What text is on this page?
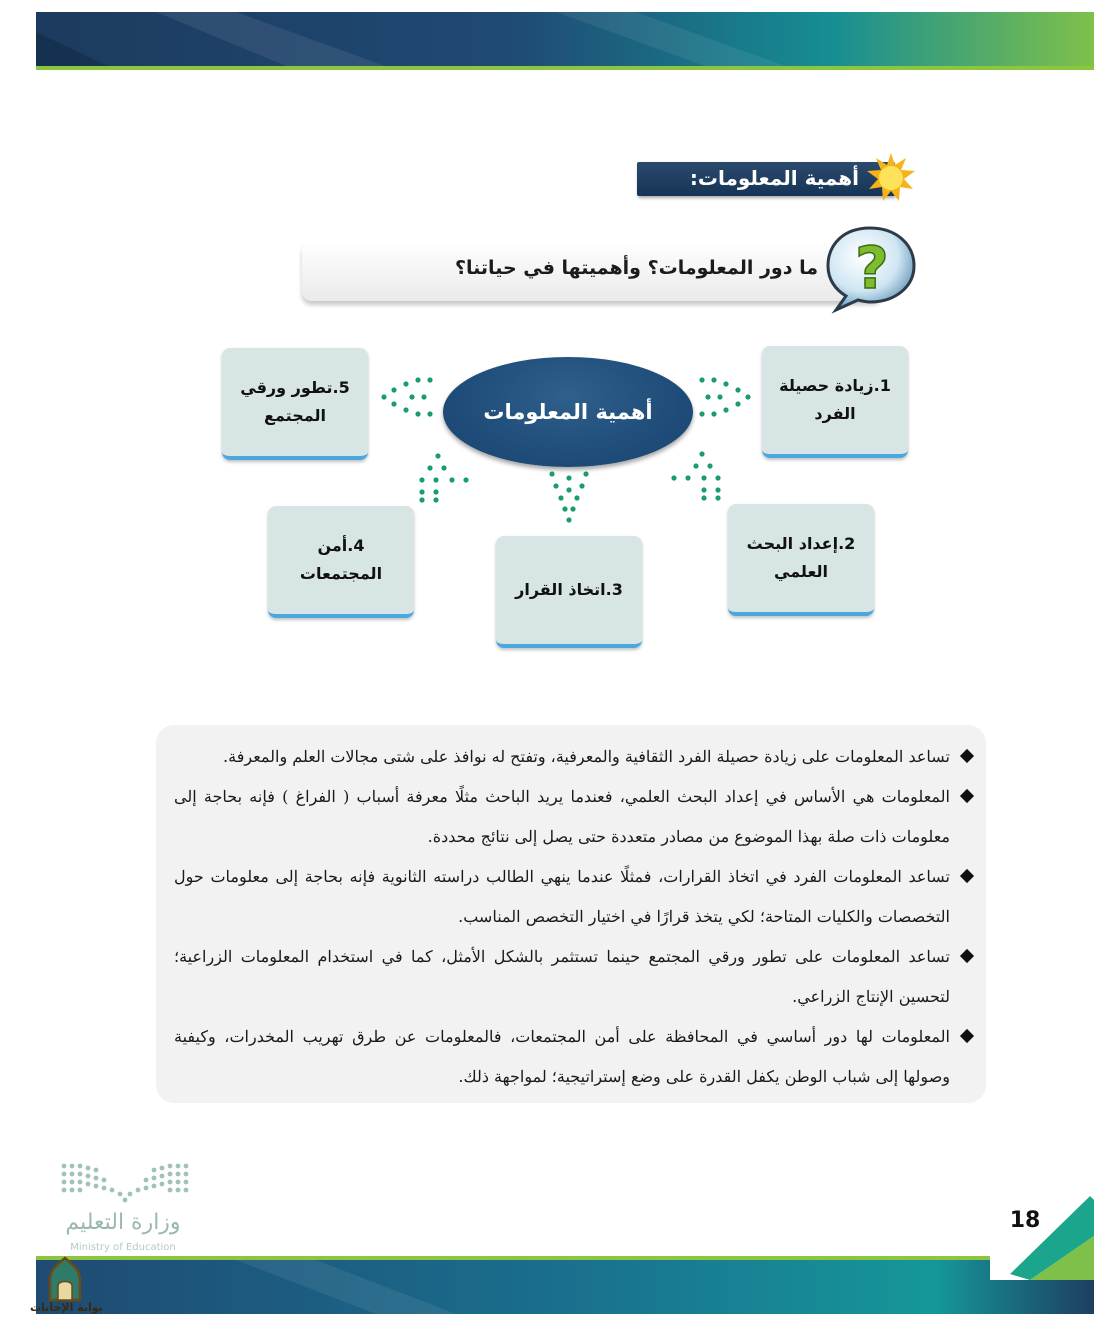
أهمية المعلومات:
ما دور المعلومات؟ وأهميتها في حياتنا؟ ?
أهمية المعلومات
1.زيادة حصيلة الفرد
2.إعداد البحث العلمي
3.اتخاذ القرار
4.أمن المجتمعات
5.تطور ورقي المجتمع
تساعد المعلومات على زيادة حصيلة الفرد الثقافية والمعرفية، وتفتح له نوافذ على شتى مجالات العلم والمعرفة.
المعلومات هي الأساس في إعداد البحث العلمي، فعندما يريد الباحث مثلًا معرفة أسباب ( الفراغ ) فإنه بحاجة إلى معلومات ذات صلة بهذا الموضوع من مصادر متعددة حتى يصل إلى نتائج محددة.
تساعد المعلومات الفرد في اتخاذ القرارات، فمثلًا عندما ينهي الطالب دراسته الثانوية فإنه بحاجة إلى معلومات حول التخصصات والكليات المتاحة؛ لكي يتخذ قرارًا في اختيار التخصص المناسب.
تساعد المعلومات على تطور ورقي المجتمع حينما تستثمر بالشكل الأمثل، كما في استخدام المعلومات الزراعية؛ لتحسين الإنتاج الزراعي.
المعلومات لها دور أساسي في المحافظة على أمن المجتمعات، فالمعلومات عن طرق تهريب المخدرات، وكيفية وصولها إلى شباب الوطن يكفل القدرة على وضع إستراتيجية؛ لمواجهة ذلك.
وزارة التعليم
Ministry of Education
18
بوابة الإجابات
